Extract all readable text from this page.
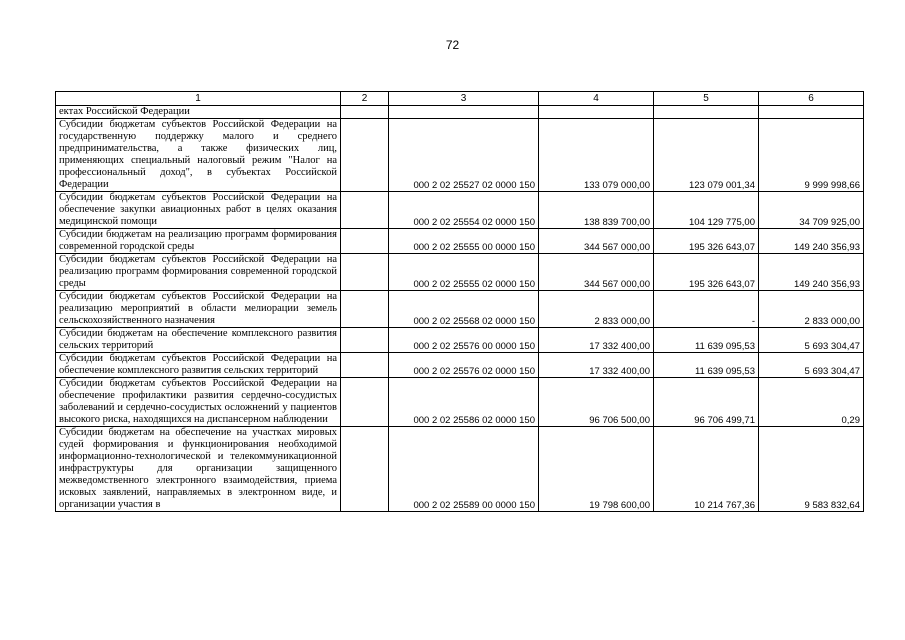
72
1	2	3	4	5	6
ектах Российской Федерации					
Субсидии бюджетам субъектов Российской Федерации на государственную поддержку малого и среднего предпринимательства, а также физических лиц, применяющих специальный налоговый режим "Налог на профессиональный доход", в субъектах Российской Федерации		000 2 02 25527 02 0000 150	133 079 000,00	123 079 001,34	9 999 998,66
Субсидии бюджетам субъектов Российской Федерации на обеспечение закупки авиационных работ в целях оказания медицинской помощи		000 2 02 25554 02 0000 150	138 839 700,00	104 129 775,00	34 709 925,00
Субсидии бюджетам на реализацию программ формирования современной городской среды		000 2 02 25555 00 0000 150	344 567 000,00	195 326 643,07	149 240 356,93
Субсидии бюджетам субъектов Российской Федерации на реализацию программ формирования современной городской среды		000 2 02 25555 02 0000 150	344 567 000,00	195 326 643,07	149 240 356,93
Субсидии бюджетам субъектов Российской Федерации на реализацию мероприятий в области мелиорации земель сельскохозяйственного назначения		000 2 02 25568 02 0000 150	2 833 000,00	-	2 833 000,00
Субсидии бюджетам на обеспечение комплексного развития сельских территорий		000 2 02 25576 00 0000 150	17 332 400,00	11 639 095,53	5 693 304,47
Субсидии бюджетам субъектов Российской Федерации на обеспечение комплексного развития сельских территорий		000 2 02 25576 02 0000 150	17 332 400,00	11 639 095,53	5 693 304,47
Субсидии бюджетам субъектов Российской Федерации на обеспечение профилактики развития сердечно-сосудистых заболеваний и сердечно-сосудистых осложнений у пациентов высокого риска, находящихся на диспансерном наблюдении		000 2 02 25586 02 0000 150	96 706 500,00	96 706 499,71	0,29
Субсидии бюджетам на обеспечение на участках мировых судей формирования и функционирования необходимой информационно-технологической и телекоммуникационной инфраструктуры для организации защищенного межведомственного электронного взаимодействия, приема исковых заявлений, направляемых в электронном виде, и организации участия в		000 2 02 25589 00 0000 150	19 798 600,00	10 214 767,36	9 583 832,64
